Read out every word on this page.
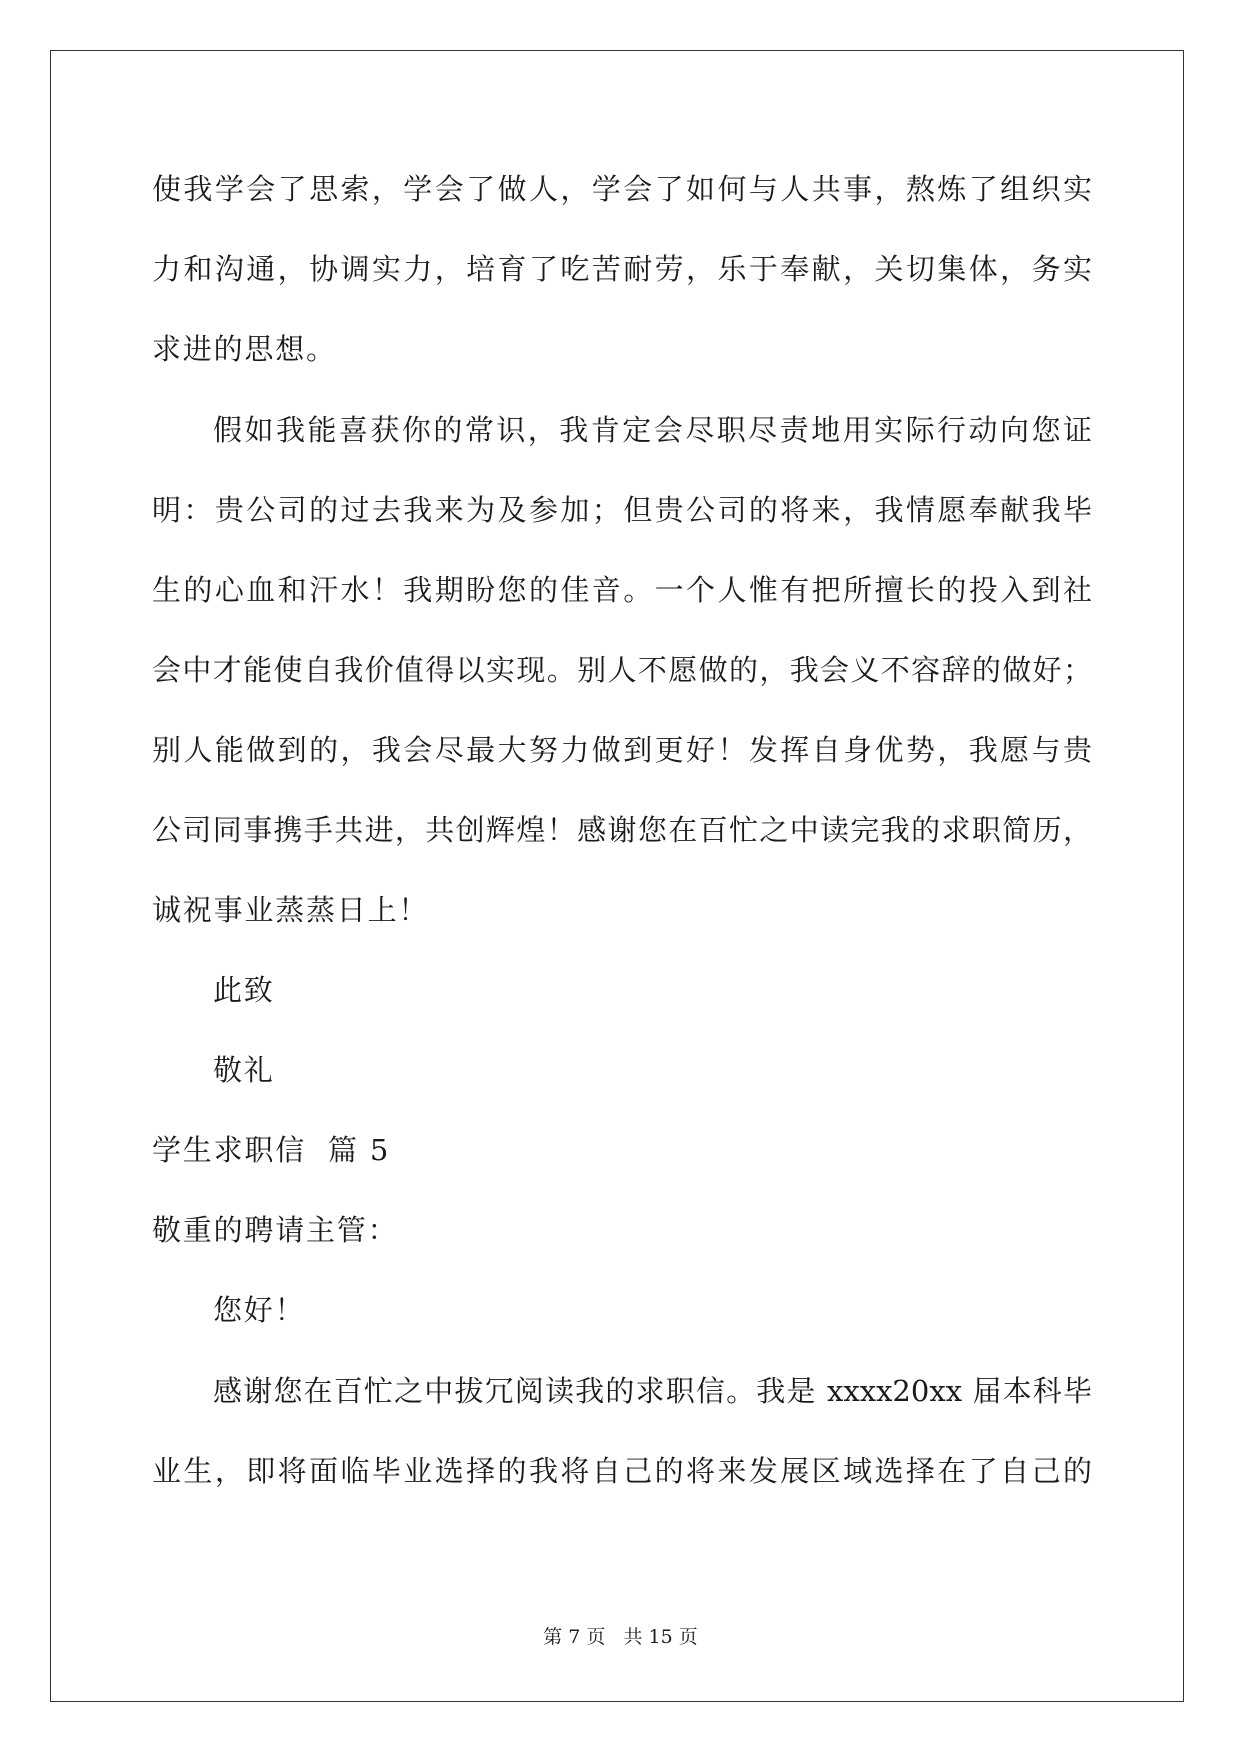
使我学会了思索，学会了做人，学会了如何与人共事，熬炼了组织实
力和沟通，协调实力，培育了吃苦耐劳，乐于奉献，关切集体，务实
求进的思想。
假如我能喜获你的常识，我肯定会尽职尽责地用实际行动向您证
明：贵公司的过去我来为及参加；但贵公司的将来，我情愿奉献我毕
生的心血和汗水！我期盼您的佳音。一个人惟有把所擅长的投入到社
会中才能使自我价值得以实现。别人不愿做的，我会义不容辞的做好；
别人能做到的，我会尽最大努力做到更好！发挥自身优势，我愿与贵
公司同事携手共进，共创辉煌！感谢您在百忙之中读完我的求职简历，
诚祝事业蒸蒸日上！
此致
敬礼
学生求职信  篇 5
敬重的聘请主管：
您好！
感谢您在百忙之中拔冗阅读我的求职信。我是 xxxx20xx 届本科毕
业生，即将面临毕业选择的我将自己的将来发展区域选择在了自己的
第 7 页 共 15 页
